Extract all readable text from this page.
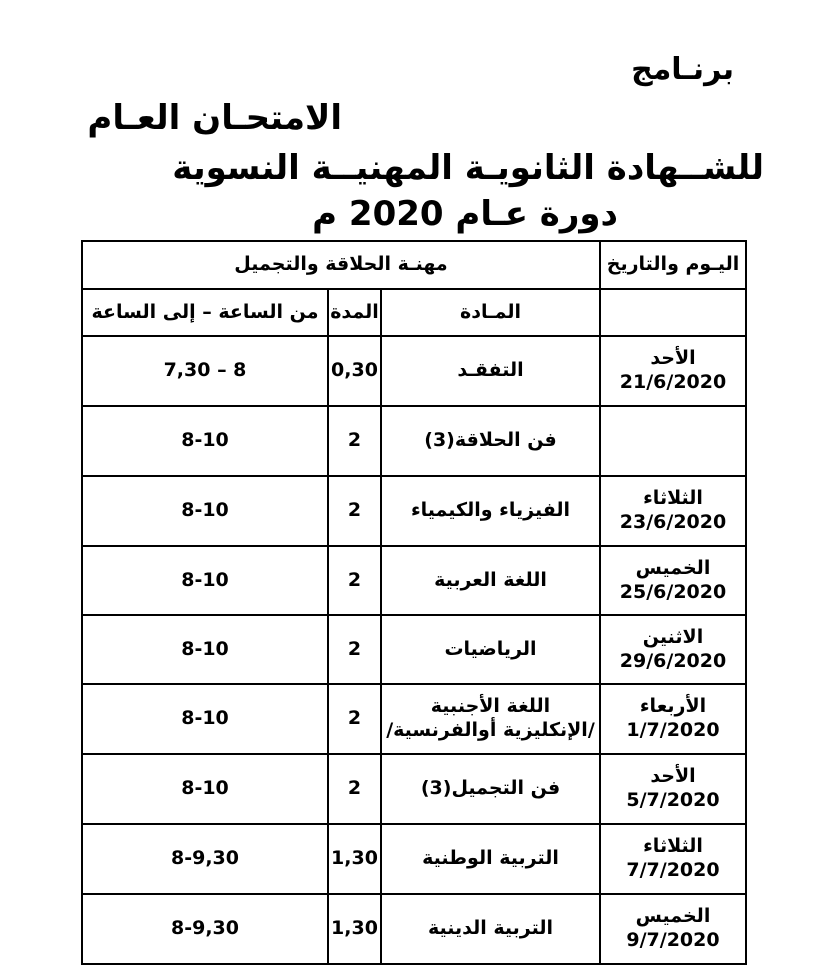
برنـامج
الامتحـان العـام
للشــهادة الثانويـة المهنيــة النسوية
دورة عـام 2020 م
مهنـة الحلاقة والتجميل			اليـوم والتاريخ
من الساعة – إلى الساعة	المدة	المـادة	
7,30 – 8	0,30	التفقـد	الأحد
21/6/2020

8-10	2	فن الحلاقة(3)	

8-10	2	الفيزياء والكيمياء	الثلاثاء
23/6/2020

8-10	2	اللغة العربية	الخميس
25/6/2020

8-10	2	الرياضيات	الاثنين
29/6/2020

8-10	2	اللغة الأجنبية
/الإنكليزية أوالفرنسية/	الأربعاء
1/7/2020

8-10	2	فن التجميل(3)	الأحد
5/7/2020

8-9,30	1,30	التربية الوطنية	الثلاثاء
7/7/2020

8-9,30	1,30	التربية الدينية	الخميس
9/7/2020
